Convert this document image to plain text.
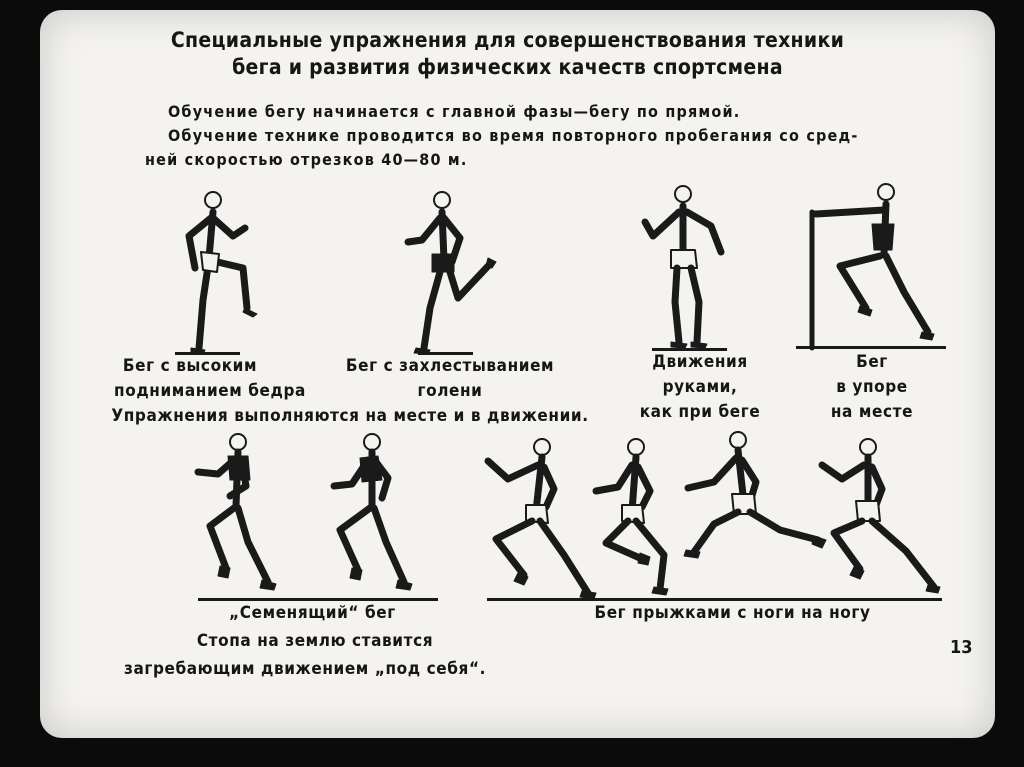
Специальные упражнения для совершенствования техники
бега и развития физических качеств спортсмена
Обучение бегу начинается с главной фазы—бегу по прямой.
Обучение технике проводится во время повторного пробегания со сред-
ней скоростью отрезков 40—80 м.
Бег с высоким
подниманием бедра
Бег с захлестыванием
голени
Упражнения выполняются на месте и в движении.
Движения
руками,
как при беге
Бег
в упоре
на месте
„Семенящий“ бег
Стопа на землю ставится
загребающим движением „под себя“.
Бег прыжками с ноги на ногу
13
